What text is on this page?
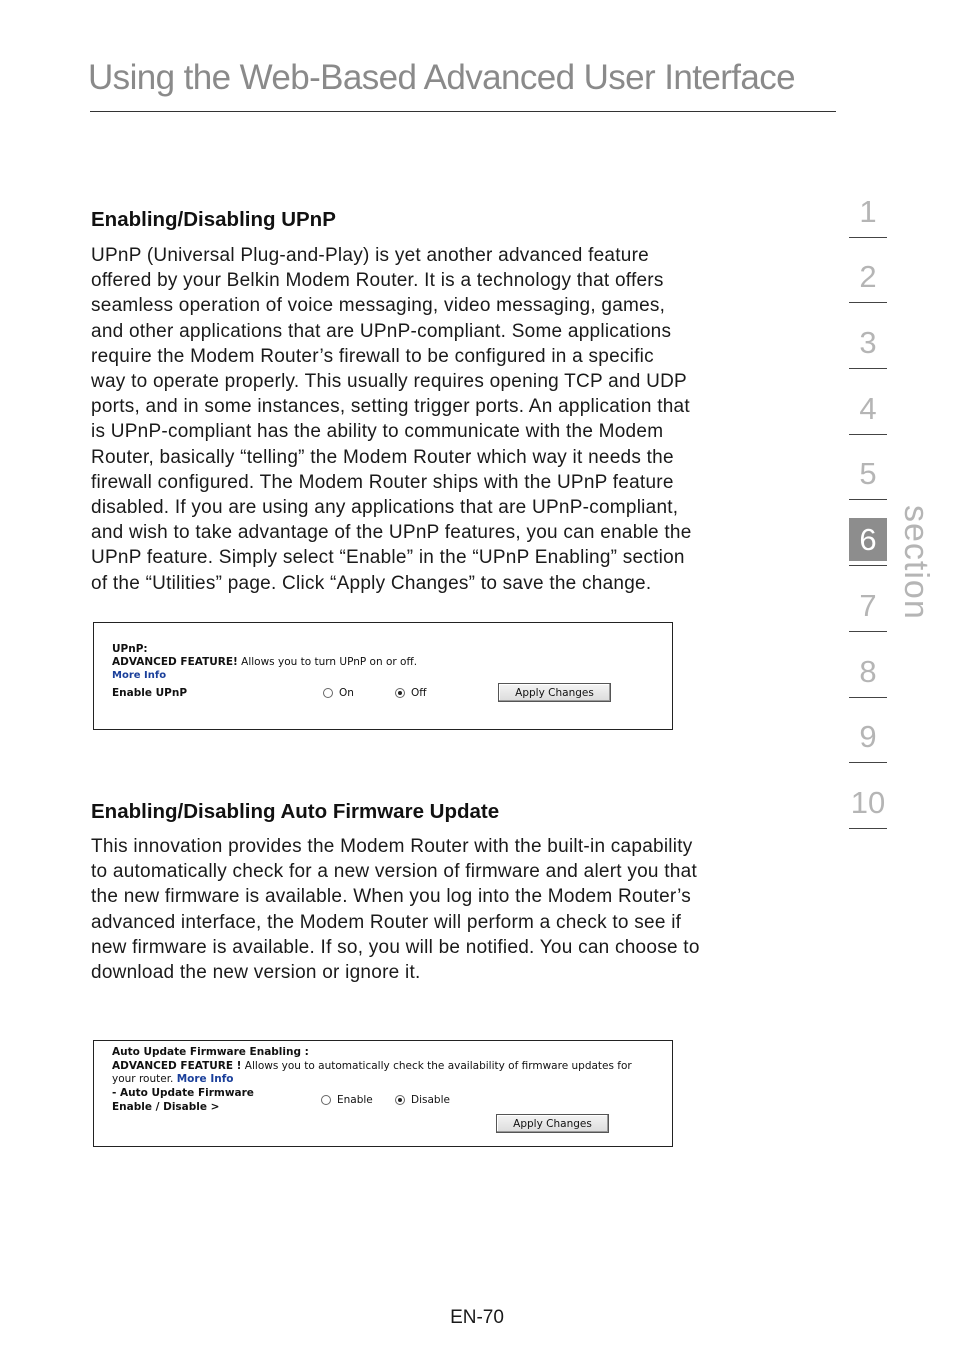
Using the Web-Based Advanced User Interface
Enabling/Disabling UPnP

UPnP (Universal Plug-and-Play) is yet another advanced feature
offered by your Belkin Modem Router. It is a technology that offers
seamless operation of voice messaging, video messaging, games,
and other applications that are UPnP-compliant. Some applications
require the Modem Router’s firewall to be configured in a specific
way to operate properly. This usually requires opening TCP and UDP
ports, and in some instances, setting trigger ports. An application that
is UPnP-compliant has the ability to communicate with the Modem
Router, basically “telling” the Modem Router which way it needs the
firewall configured. The Modem Router ships with the UPnP feature
disabled. If you are using any applications that are UPnP-compliant,
and wish to take advantage of the UPnP features, you can enable the
UPnP feature. Simply select “Enable” in the “UPnP Enabling” section
of the “Utilities” page. Click “Apply Changes” to save the change.

UPnP:
ADVANCED FEATURE! Allows you to turn UPnP on or off.
More Info
Enable UPnP	On	Off	Apply Changes
Enabling/Disabling Auto Firmware Update

This innovation provides the Modem Router with the built-in capability
to automatically check for a new version of firmware and alert you that
the new firmware is available. When you log into the Modem Router’s
advanced interface, the Modem Router will perform a check to see if
new firmware is available. If so, you will be notified. You can choose to
download the new version or ignore it.

Auto Update Firmware Enabling :
ADVANCED FEATURE ! Allows you to automatically check the availability of firmware updates for
your router. More Info
- Auto Update Firmware
Enable / Disable >
Enable	Disable
Apply Changes
1
2
3
4
5
6
7
8
9
10
section
EN-70
